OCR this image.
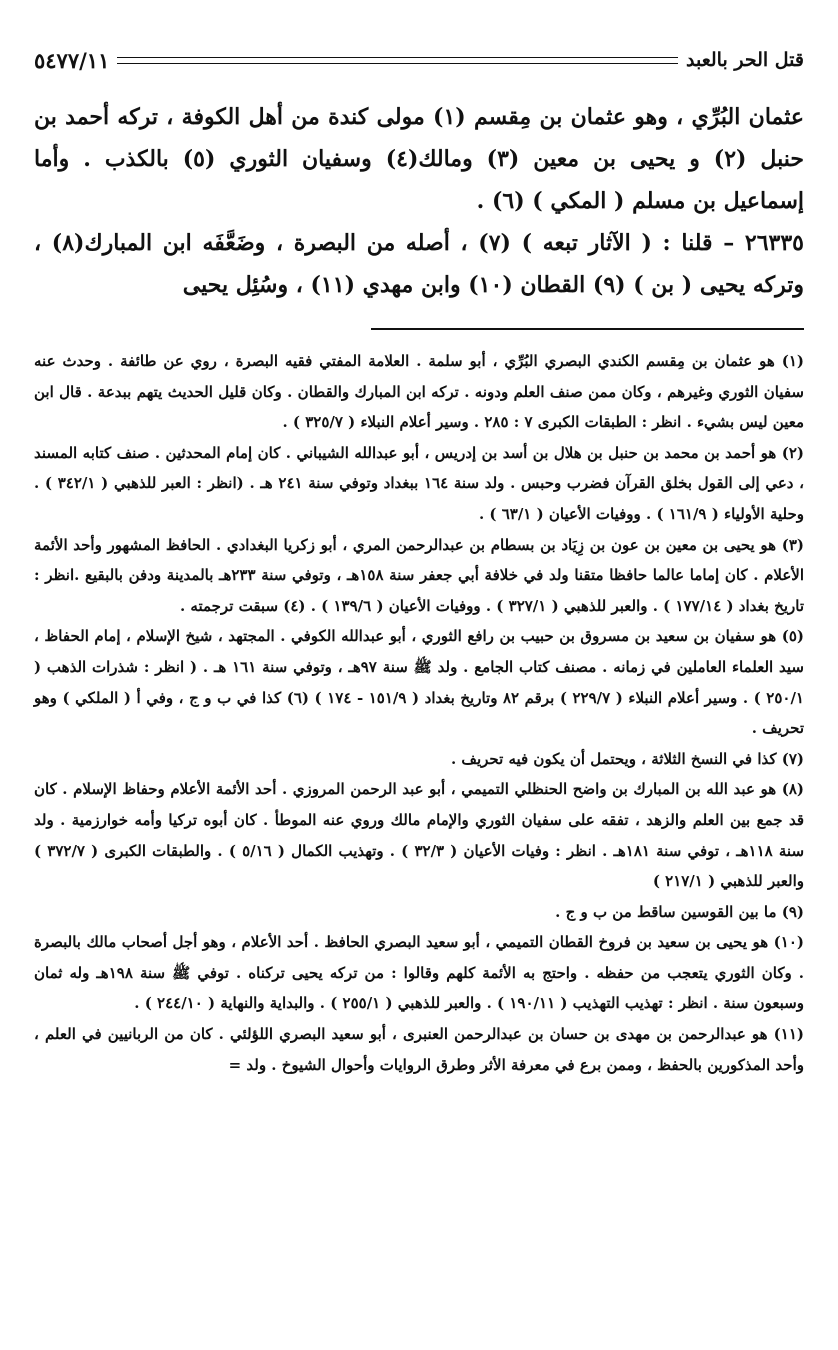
قتل الحر بالعبد
٥٤٧٧/١١

عثمان البُرِّي ، وهو عثمان بن مِقسم (١) مولى كندة من أهل الكوفة ، تركه أحمد بن حنبل (٢) و يحيى بن معين (٣) ومالك(٤) وسفيان الثوري (٥) بالكذب . وأما إسماعيل بن مسلم ( المكي ) (٦) .

٢٦٣٣٥ – قلنا : ( الآثار تبعه ) (٧) ، أصله من البصرة ، وضَعَّفَه ابن المبارك(٨) ، وتركه يحيى ( بن ) (٩) القطان (١٠) وابن مهدي (١١) ، وسُئِل يحيى

(١) هو عثمان بن مِقسم الكندي البصري البُرِّي ، أبو سلمة . العلامة المفتي فقيه البصرة ، روي عن طائفة . وحدث عنه سفيان الثوري وغيرهم ، وكان ممن صنف العلم ودونه . تركه ابن المبارك والقطان . وكان قليل الحديث يتهم ببدعة . قال ابن معين ليس بشيء . انظر : الطبقات الكبرى ٧ : ٢٨٥ . وسير أعلام النبلاء ( ٣٢٥/٧ ) .

(٢) هو أحمد بن محمد بن حنبل بن هلال بن أسد بن إدريس ، أبو عبدالله الشيباني . كان إمام المحدثين . صنف كتابه المسند ، دعي إلى القول بخلق القرآن فضرب وحبس . ولد سنة ١٦٤ ببغداد وتوفي سنة ٢٤١ هـ . (انظر : العبر للذهبي ( ٣٤٢/١ ) . وحلية الأولياء ( ١٦١/٩ ) . ووفيات الأعيان ( ٦٣/١ ) .

(٣) هو يحيى بن معين بن عون بن زِيَاد بن بسطام بن عبدالرحمن المري ، أبو زكريا البغدادي . الحافظ المشهور وأحد الأئمة الأعلام . كان إماما عالما حافظا متقنا ولد في خلافة أبي جعفر سنة ١٥٨هـ ، وتوفي سنة ٢٣٣هـ بالمدينة ودفن بالبقيع .انظر : تاريخ بغداد ( ١٧٧/١٤ ) . والعبر للذهبي ( ٣٢٧/١ ) . ووفيات الأعيان ( ١٣٩/٦ ) . (٤) سبقت ترجمته .

(٥) هو سفيان بن سعيد بن مسروق بن حبيب بن رافع الثوري ، أبو عبدالله الكوفي . المجتهد ، شيخ الإسلام ، إمام الحفاظ ، سيد العلماء العاملين في زمانه . مصنف كتاب الجامع . ولد ﷺ سنة ٩٧هـ ، وتوفي سنة ١٦١ هـ . ( انظر : شذرات الذهب ( ٢٥٠/١ ) . وسير أعلام النبلاء ( ٢٢٩/٧ ) برقم ٨٢ وتاريخ بغداد ( ١٥١/٩ - ١٧٤ ) (٦) كذا في ب و ج ، وفي أ ( الملكي ) وهو تحريف .

(٧) كذا في النسخ الثلاثة ، ويحتمل أن يكون فيه تحريف .

(٨) هو عبد الله بن المبارك بن واضح الحنظلي التميمي ، أبو عبد الرحمن المروزي . أحد الأئمة الأعلام وحفاظ الإسلام . كان قد جمع بين العلم والزهد ، تفقه على سفيان الثوري والإمام مالك وروي عنه الموطأ . كان أبوه تركيا وأمه خوارزمية . ولد سنة ١١٨هـ ، توفي سنة ١٨١هـ . انظر : وفيات الأعيان ( ٣٢/٣ ) . وتهذيب الكمال ( ٥/١٦ ) . والطبقات الكبرى ( ٣٧٢/٧ ) والعبر للذهبي ( ٢١٧/١ )

(٩) ما بين القوسين ساقط من ب و ج .

(١٠) هو يحيى بن سعيد بن فروخ القطان التميمي ، أبو سعيد البصري الحافظ . أحد الأعلام ، وهو أجل أصحاب مالك بالبصرة . وكان الثوري يتعجب من حفظه . واحتج به الأئمة كلهم وقالوا : من تركه يحيى تركناه . توفي ﷺ سنة ١٩٨هـ وله ثمان وسبعون سنة . انظر : تهذيب التهذيب ( ١٩٠/١١ ) . والعبر للذهبي ( ٢٥٥/١ ) . والبداية والنهاية ( ٢٤٤/١٠ ) .

(١١) هو عبدالرحمن بن مهدى بن حسان بن عبدالرحمن العنبرى ، أبو سعيد البصري اللؤلئي . كان من الربانيين في العلم ، وأحد المذكورين بالحفظ ، وممن برع في معرفة الأثر وطرق الروايات وأحوال الشيوخ . ولد =
